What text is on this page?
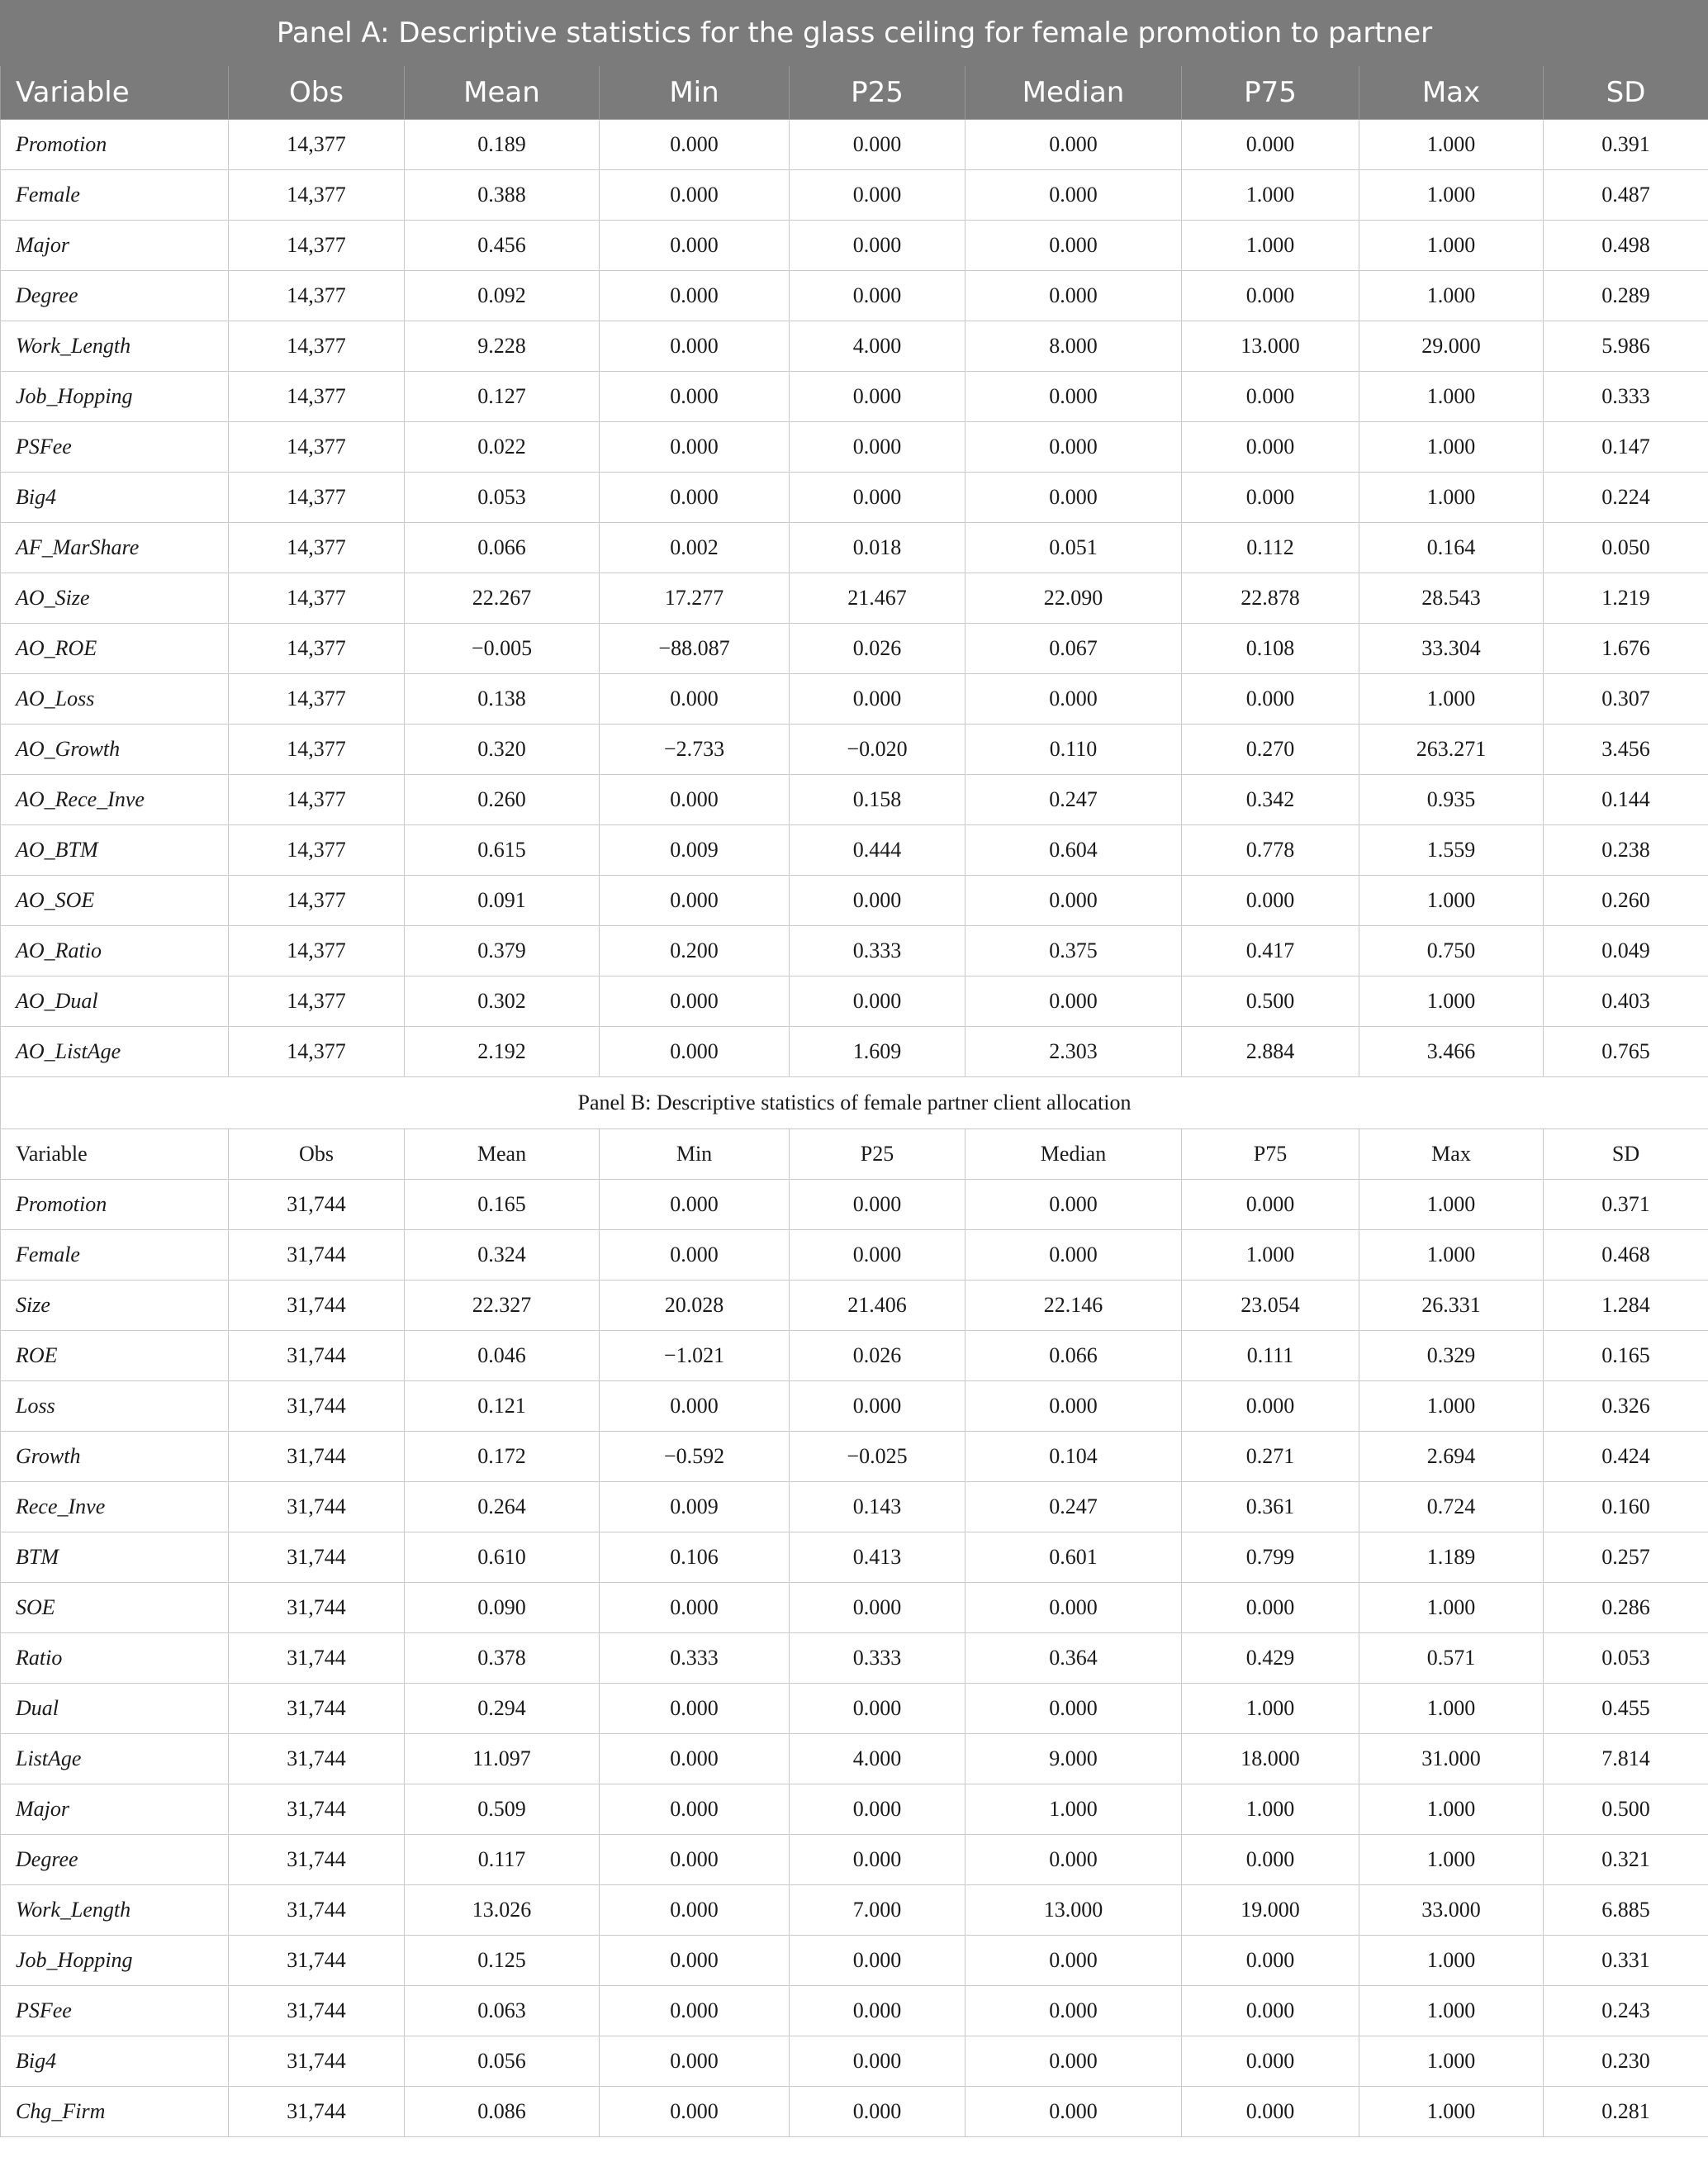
Panel A: Descriptive statistics for the glass ceiling for female promotion to partner								
Variable	Obs	Mean	Min	P25	Median	P75	Max	SD
Promotion	14,377	0.189	0.000	0.000	0.000	0.000	1.000	0.391
Female	14,377	0.388	0.000	0.000	0.000	1.000	1.000	0.487
Major	14,377	0.456	0.000	0.000	0.000	1.000	1.000	0.498
Degree	14,377	0.092	0.000	0.000	0.000	0.000	1.000	0.289
Work_Length	14,377	9.228	0.000	4.000	8.000	13.000	29.000	5.986
Job_Hopping	14,377	0.127	0.000	0.000	0.000	0.000	1.000	0.333
PSFee	14,377	0.022	0.000	0.000	0.000	0.000	1.000	0.147
Big4	14,377	0.053	0.000	0.000	0.000	0.000	1.000	0.224
AF_MarShare	14,377	0.066	0.002	0.018	0.051	0.112	0.164	0.050
AO_Size	14,377	22.267	17.277	21.467	22.090	22.878	28.543	1.219
AO_ROE	14,377	−0.005	−88.087	0.026	0.067	0.108	33.304	1.676
AO_Loss	14,377	0.138	0.000	0.000	0.000	0.000	1.000	0.307
AO_Growth	14,377	0.320	−2.733	−0.020	0.110	0.270	263.271	3.456
AO_Rece_Inve	14,377	0.260	0.000	0.158	0.247	0.342	0.935	0.144
AO_BTM	14,377	0.615	0.009	0.444	0.604	0.778	1.559	0.238
AO_SOE	14,377	0.091	0.000	0.000	0.000	0.000	1.000	0.260
AO_Ratio	14,377	0.379	0.200	0.333	0.375	0.417	0.750	0.049
AO_Dual	14,377	0.302	0.000	0.000	0.000	0.500	1.000	0.403
AO_ListAge	14,377	2.192	0.000	1.609	2.303	2.884	3.466	0.765
Panel B: Descriptive statistics of female partner client allocation								
Variable	Obs	Mean	Min	P25	Median	P75	Max	SD
Promotion	31,744	0.165	0.000	0.000	0.000	0.000	1.000	0.371
Female	31,744	0.324	0.000	0.000	0.000	1.000	1.000	0.468
Size	31,744	22.327	20.028	21.406	22.146	23.054	26.331	1.284
ROE	31,744	0.046	−1.021	0.026	0.066	0.111	0.329	0.165
Loss	31,744	0.121	0.000	0.000	0.000	0.000	1.000	0.326
Growth	31,744	0.172	−0.592	−0.025	0.104	0.271	2.694	0.424
Rece_Inve	31,744	0.264	0.009	0.143	0.247	0.361	0.724	0.160
BTM	31,744	0.610	0.106	0.413	0.601	0.799	1.189	0.257
SOE	31,744	0.090	0.000	0.000	0.000	0.000	1.000	0.286
Ratio	31,744	0.378	0.333	0.333	0.364	0.429	0.571	0.053
Dual	31,744	0.294	0.000	0.000	0.000	1.000	1.000	0.455
ListAge	31,744	11.097	0.000	4.000	9.000	18.000	31.000	7.814
Major	31,744	0.509	0.000	0.000	1.000	1.000	1.000	0.500
Degree	31,744	0.117	0.000	0.000	0.000	0.000	1.000	0.321
Work_Length	31,744	13.026	0.000	7.000	13.000	19.000	33.000	6.885
Job_Hopping	31,744	0.125	0.000	0.000	0.000	0.000	1.000	0.331
PSFee	31,744	0.063	0.000	0.000	0.000	0.000	1.000	0.243
Big4	31,744	0.056	0.000	0.000	0.000	0.000	1.000	0.230
Chg_Firm	31,744	0.086	0.000	0.000	0.000	0.000	1.000	0.281
